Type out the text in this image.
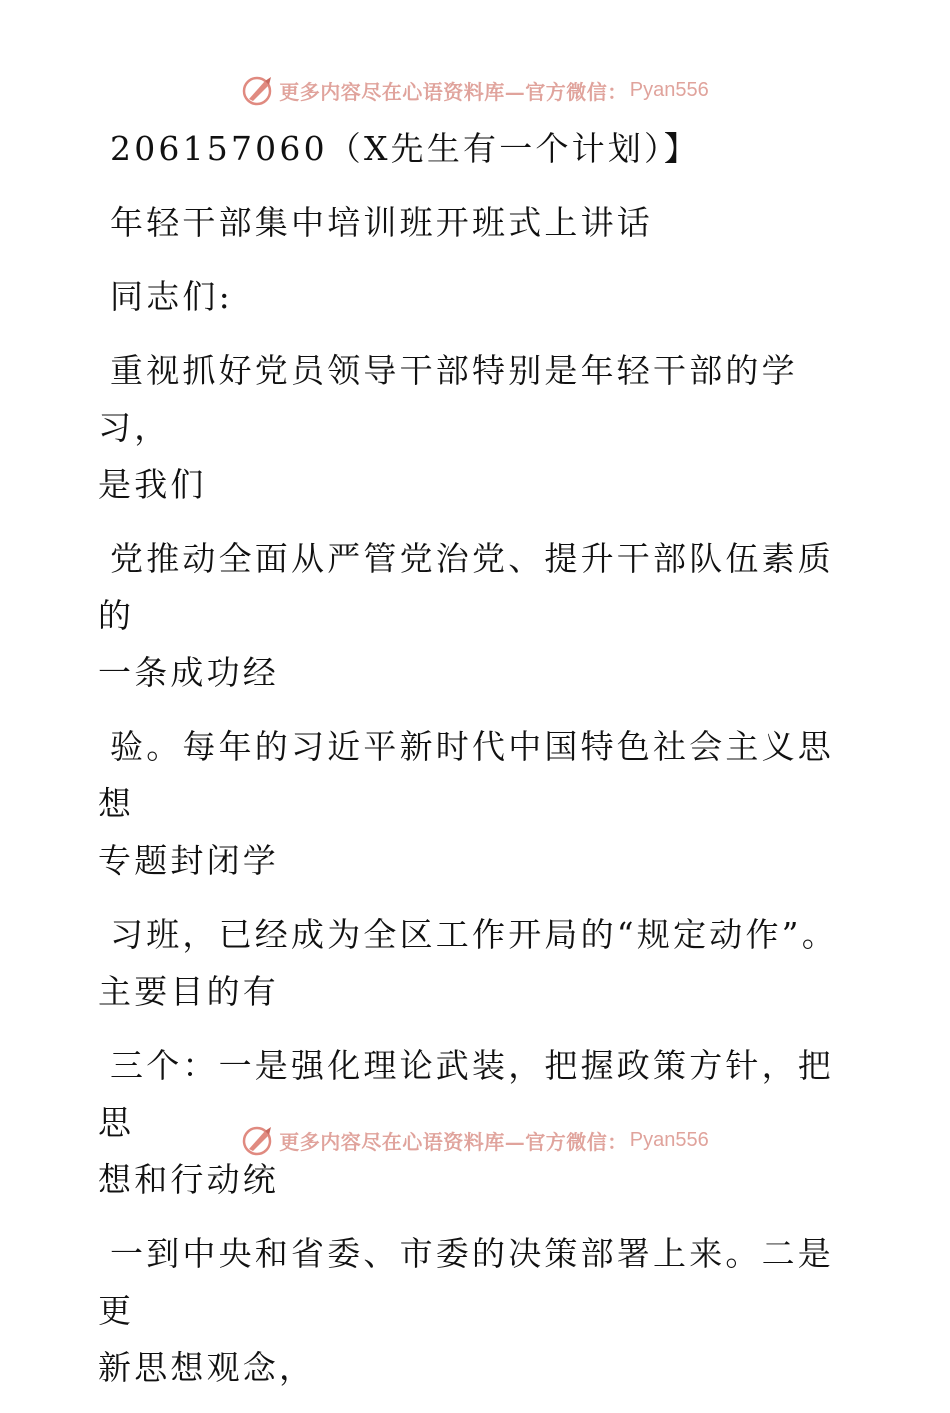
更多内容尽在心语资料库—官方微信： Pyan556

206157060（X先生有一个计划）】

年轻干部集中培训班开班式上讲话

同志们:

重视抓好党员领导干部特别是年轻干部的学习，
是我们

党推动全面从严管党治党、提升干部队伍素质的
一条成功经

验。每年的习近平新时代中国特色社会主义思想
专题封闭学

习班，已经成为全区工作开局的“规定动作”。
主要目的有

三个：一是强化理论武装，把握政策方针，把思
想和行动统

一到中央和省委、市委的决策部署上来。二是更
新思想观念，

更多内容尽在心语资料库—官方微信： Pyan556
